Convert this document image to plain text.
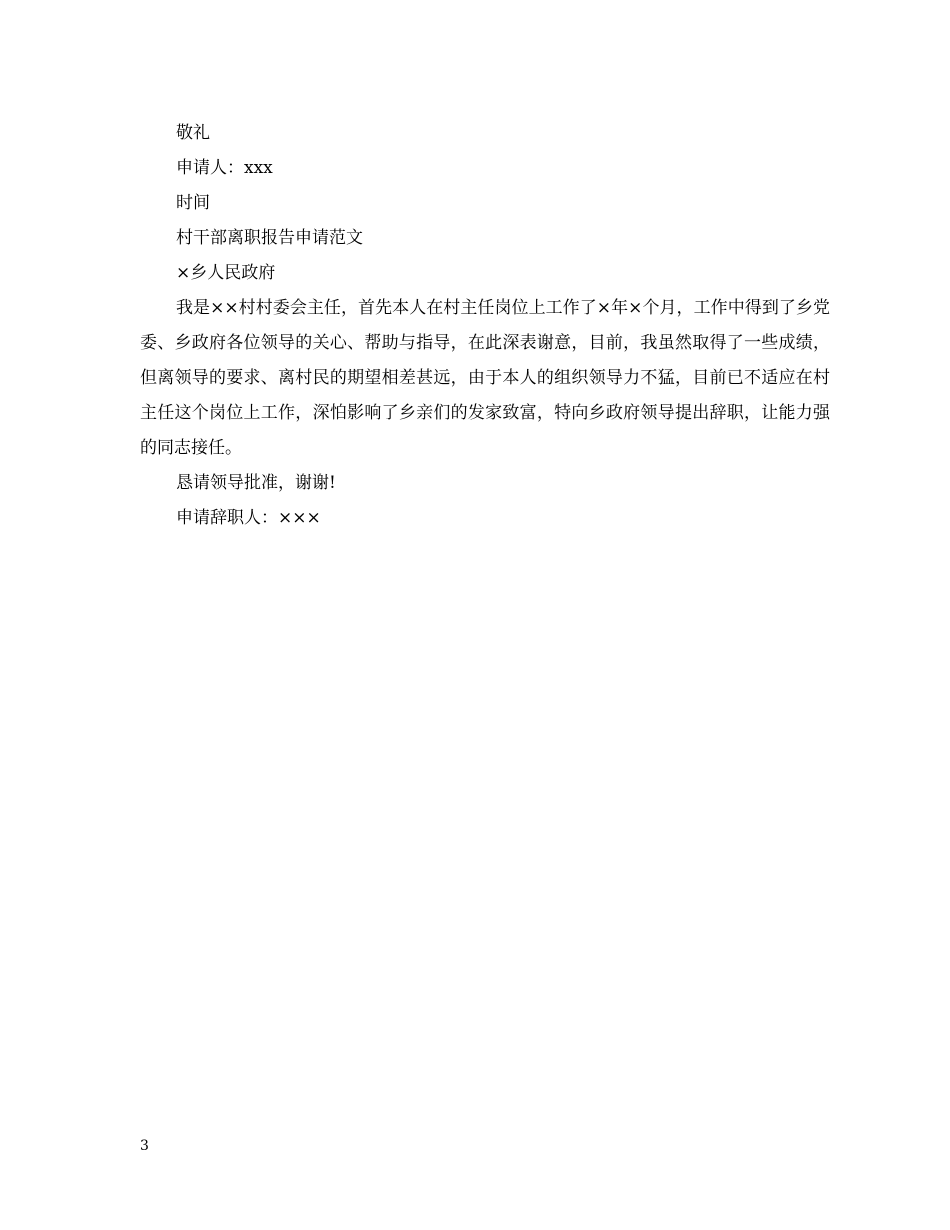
敬礼
申请人：xxx
时间
村干部离职报告申请范文
×乡人民政府

我是××村村委会主任，首先本人在村主任岗位上工作了×年×个月，工作中得到了乡党委、乡政府各位领导的关心、帮助与指导，在此深表谢意，目前，我虽然取得了一些成绩，但离领导的要求、离村民的期望相差甚远，由于本人的组织领导力不猛，目前已不适应在村主任这个岗位上工作，深怕影响了乡亲们的发家致富，特向乡政府领导提出辞职，让能力强的同志接任。

恳请领导批准，谢谢!
申请辞职人：×××
3
